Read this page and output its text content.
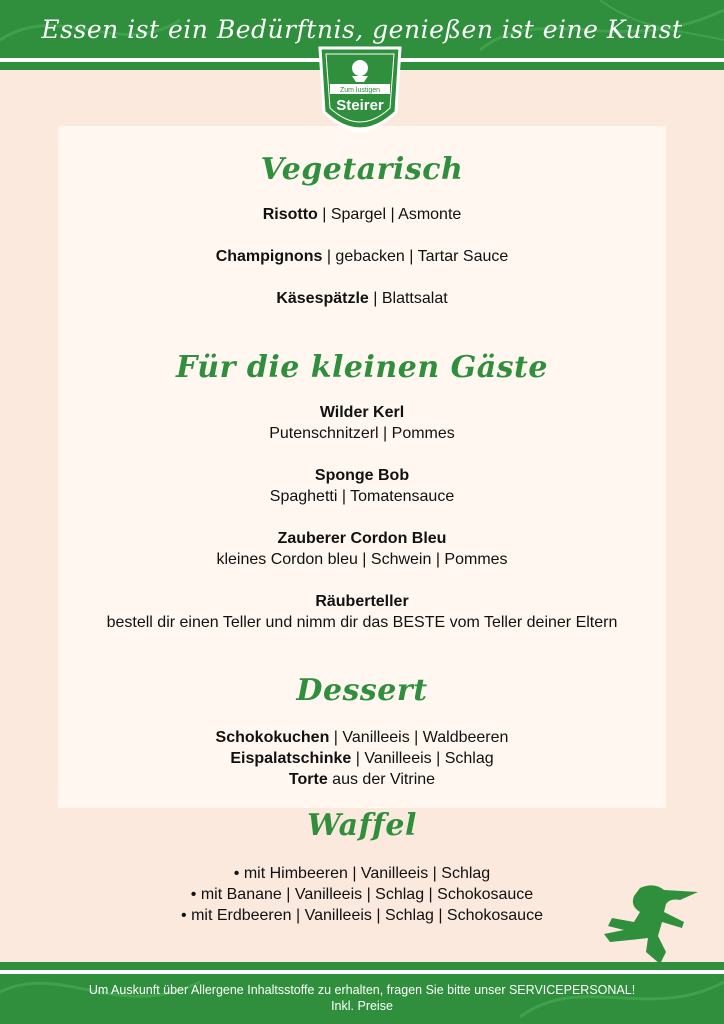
Essen ist ein Bedürftnis, genießen ist eine Kunst
Zum lustigen
Steirer
Vegetarisch
Risotto | Spargel | Asmonte
Champignons | gebacken | Tartar Sauce
Käsespätzle | Blattsalat
Für die kleinen Gäste
Wilder Kerl
Putenschnitzerl | Pommes
Sponge Bob
Spaghetti | Tomatensauce
Zauberer Cordon Bleu
kleines Cordon bleu | Schwein | Pommes
Räuberteller
bestell dir einen Teller und nimm dir das BESTE vom Teller deiner Eltern
Dessert
Schokokuchen | Vanilleeis | Waldbeeren
Eispalatschinke | Vanilleeis | Schlag
Torte aus der Vitrine
Waffel
• mit Himbeeren | Vanilleeis | Schlag
• mit Banane | Vanilleeis | Schlag | Schokosauce
• mit Erdbeeren | Vanilleeis | Schlag | Schokosauce
Um Auskunft über Allergene Inhaltsstoffe zu erhalten, fragen Sie bitte unser SERVICEPERSONAL!
Inkl. Preise
